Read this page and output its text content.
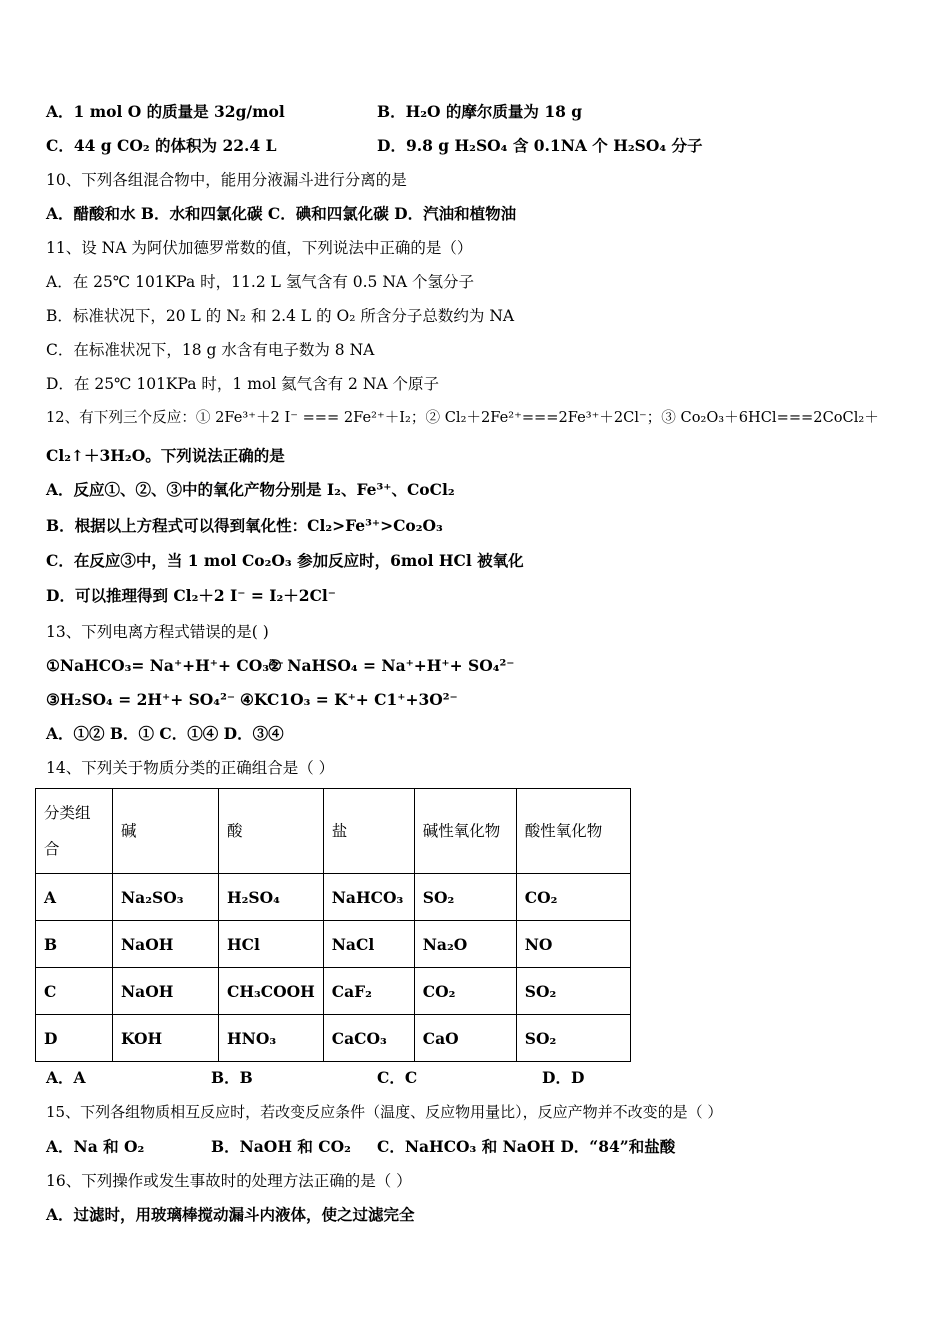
A．1 mol O 的质量是 32g/mol	B．H₂O 的摩尔质量为 18 g
C．44 g CO₂ 的体积为 22.4 L	D．9.8 g H₂SO₄ 含 0.1NA 个 H₂SO₄ 分子
10、下列各组混合物中，能用分液漏斗进行分离的是
A．醋酸和水 B．水和四氯化碳 C．碘和四氯化碳 D．汽油和植物油
11、设 NA 为阿伏加德罗常数的值，下列说法中正确的是（）
A．在 25℃ 101KPa 时，11.2 L 氢气含有 0.5 NA 个氢分子
B．标准状况下，20 L 的 N₂ 和 2.4 L 的 O₂ 所含分子总数约为 NA
C．在标准状况下，18 g 水含有电子数为 8 NA
D．在 25℃ 101KPa 时，1 mol 氦气含有 2 NA 个原子
12、有下列三个反应：① 2Fe³⁺＋2 I⁻ === 2Fe²⁺＋I₂；② Cl₂＋2Fe²⁺===2Fe³⁺＋2Cl⁻；③ Co₂O₃＋6HCl===2CoCl₂＋
Cl₂↑＋3H₂O。下列说法正确的是
A．反应①、②、③中的氧化产物分别是 I₂、Fe³⁺、CoCl₂
B．根据以上方程式可以得到氧化性：Cl₂>Fe³⁺>Co₂O₃
C．在反应③中，当 1 mol Co₂O₃ 参加反应时，6mol HCl 被氧化
D．可以推理得到 Cl₂＋2 I⁻ = I₂＋2Cl⁻
13、下列电离方程式错误的是( )
①NaHCO₃= Na⁺+H⁺+ CO₃²⁻
② NaHSO₄ = Na⁺+H⁺+ SO₄²⁻
③H₂SO₄ = 2H⁺+ SO₄²⁻ ④KC1O₃ = K⁺+ C1⁺+3O²⁻
A．①② B．① C．①④ D．③④
14、下列关于物质分类的正确组合是（ ）
分类组合	碱	酸	盐	碱性氧化物	酸性氧化物
A	Na₂SO₃	H₂SO₄	NaHCO₃	SO₂	CO₂
B	NaOH	HCl	NaCl	Na₂O	NO
C	NaOH	CH₃COOH	CaF₂	CO₂	SO₂
D	KOH	HNO₃	CaCO₃	CaO	SO₂
A．A	B．B	C．C	D．D
15、下列各组物质相互反应时，若改变反应条件（温度、反应物用量比），反应产物并不改变的是（ ）
A．Na 和 O₂	B．NaOH 和 CO₂ C．NaHCO₃ 和 NaOH D．“84”和盐酸
16、下列操作或发生事故时的处理方法正确的是（ ）
A．过滤时，用玻璃棒搅动漏斗内液体，使之过滤完全
